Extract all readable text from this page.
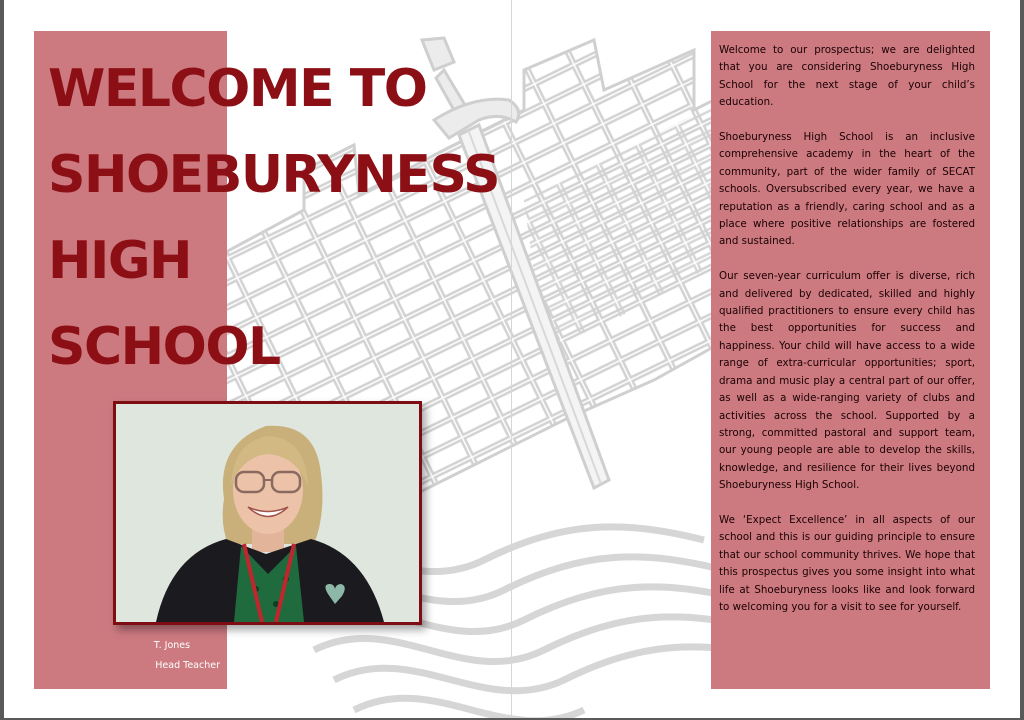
WELCOME TO
SHOEBURYNESS
HIGH
SCHOOL
T. Jones
Head Teacher

Welcome to our prospectus; we are delighted that you are considering Shoeburyness High School for the next stage of your child’s education.

Shoeburyness High School is an inclusive comprehensive academy in the heart of the community, part of the wider family of SECAT schools. Oversubscribed every year, we have a reputation as a friendly, caring school and as a place where positive relationships are fostered and sustained.

Our seven-year curriculum offer is diverse, rich and delivered by dedicated, skilled and highly qualified practitioners to ensure every child has the best opportunities for success and happiness. Your child will have access to a wide range of extra-curricular opportunities; sport, drama and music play a central part of our offer, as well as a wide-ranging variety of clubs and activities across the school. Supported by a strong, committed pastoral and support team, our young people are able to develop the skills, knowledge, and resilience for their lives beyond Shoeburyness High School.

We ‘Expect Excellence’ in all aspects of our school and this is our guiding principle to ensure that our school community thrives. We hope that this prospectus gives you some insight into what life at Shoeburyness looks like and look forward to welcoming you for a visit to see for yourself.
